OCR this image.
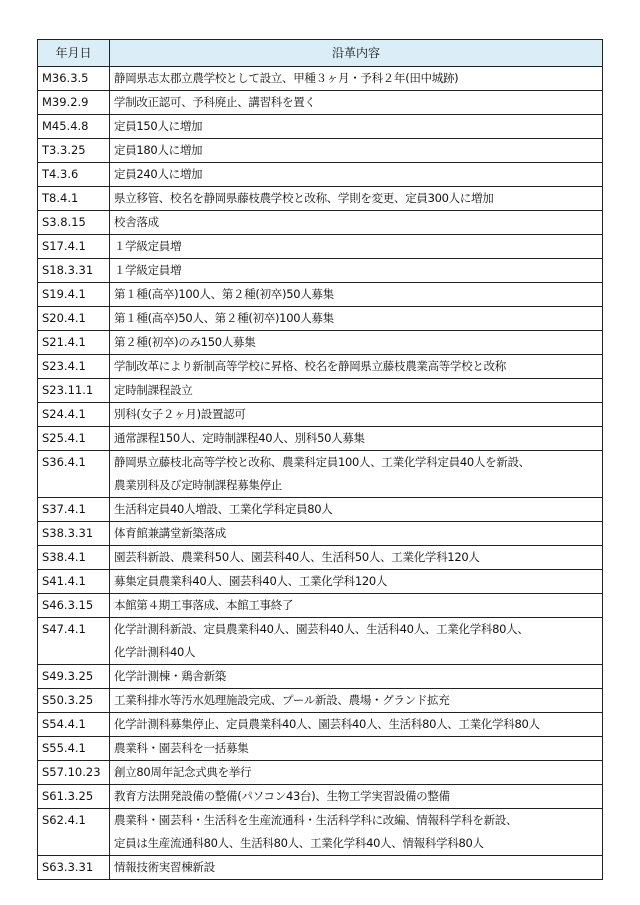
年月日	沿革内容
M36.3.5	静岡県志太郡立農学校として設立、甲種３ヶ月・予科２年(田中城跡)
M39.2.9	学制改正認可、予科廃止、講習科を置く
M45.4.8	定員150人に増加
T3.3.25	定員180人に増加
T4.3.6	定員240人に増加
T8.4.1	県立移管、校名を静岡県藤枝農学校と改称、学則を変更、定員300人に増加
S3.8.15	校舎落成
S17.4.1	１学級定員増
S18.3.31	１学級定員増
S19.4.1	第１種(高卒)100人、第２種(初卒)50人募集
S20.4.1	第１種(高卒)50人、第２種(初卒)100人募集
S21.4.1	第２種(初卒)のみ150人募集
S23.4.1	学制改革により新制高等学校に昇格、校名を静岡県立藤枝農業高等学校と改称
S23.11.1	定時制課程設立
S24.4.1	別科(女子２ヶ月)設置認可
S25.4.1	通常課程150人、定時制課程40人、別科50人募集
S36.4.1	静岡県立藤枝北高等学校と改称、農業科定員100人、工業化学科定員40人を新設、
農業別科及び定時制課程募集停止
S37.4.1	生活科定員40人増設、工業化学科定員80人
S38.3.31	体育館兼講堂新築落成
S38.4.1	園芸科新設、農業科50人、園芸科40人、生活科50人、工業化学科120人
S41.4.1	募集定員農業科40人、園芸科40人、工業化学科120人
S46.3.15	本館第４期工事落成、本館工事終了
S47.4.1	化学計測科新設、定員農業科40人、園芸科40人、生活科40人、工業化学科80人、
化学計測科40人
S49.3.25	化学計測棟・鶏舎新築
S50.3.25	工業科排水等汚水処理施設完成、プール新設、農場・グランド拡充
S54.4.1	化学計測科募集停止、定員農業科40人、園芸科40人、生活科80人、工業化学科80人
S55.4.1	農業科・園芸科を一括募集
S57.10.23	創立80周年記念式典を挙行
S61.3.25	教育方法開発設備の整備(パソコン43台)、生物工学実習設備の整備
S62.4.1	農業科・園芸科・生活科を生産流通科・生活科学科に改編、情報科学科を新設、
定員は生産流通科80人、生活科80人、工業化学科40人、情報科学科80人
S63.3.31	情報技術実習棟新設
